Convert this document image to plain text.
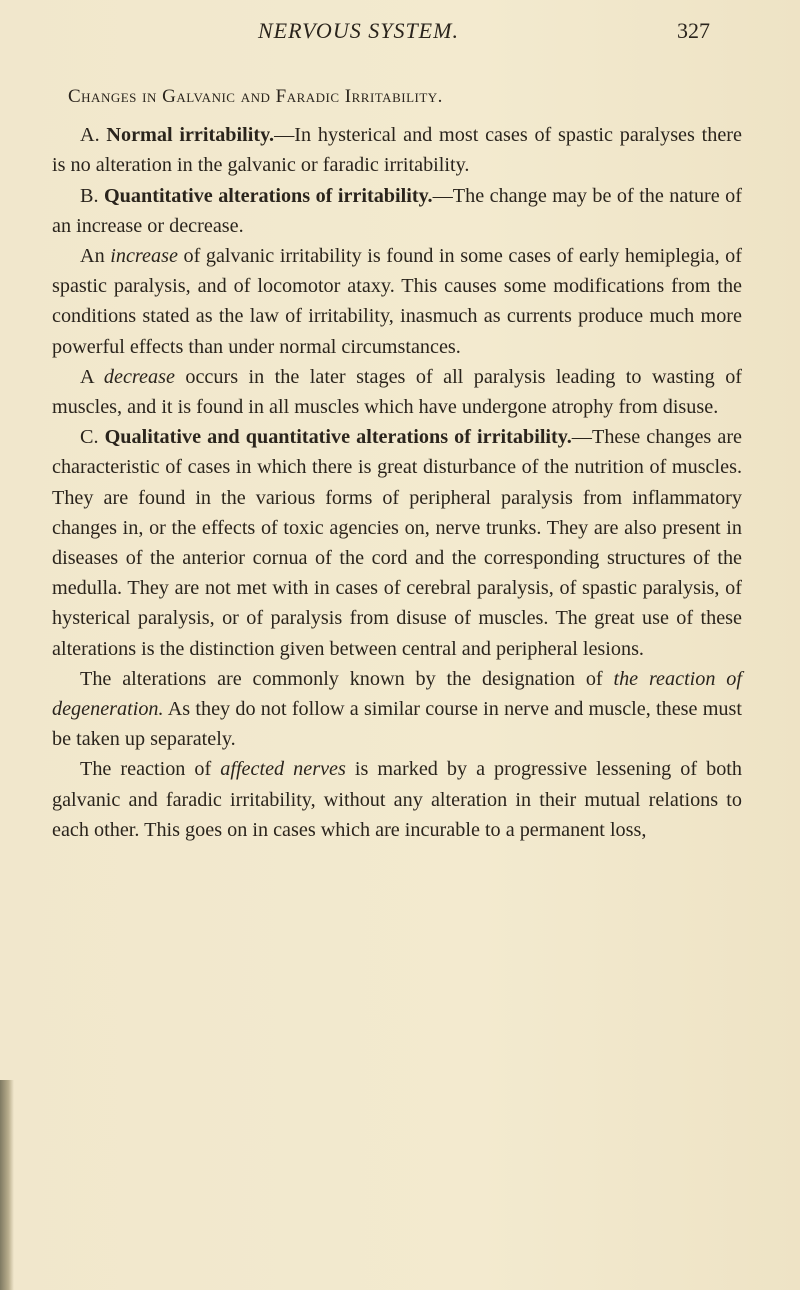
NERVOUS SYSTEM.	327
Changes in Galvanic and Faradic Irritability.

A. Normal irritability.—In hysterical and most cases of spastic paralyses there is no alteration in the galvanic or faradic irritability.

B. Quantitative alterations of irritability.—The change may be of the nature of an increase or decrease.

An increase of galvanic irritability is found in some cases of early hemiplegia, of spastic paralysis, and of locomotor ataxy. This causes some modifications from the conditions stated as the law of irritability, inasmuch as currents produce much more powerful effects than under normal circumstances.

A decrease occurs in the later stages of all paralysis leading to wasting of muscles, and it is found in all muscles which have undergone atrophy from disuse.

C. Qualitative and quantitative alterations of irritability.—These changes are characteristic of cases in which there is great disturbance of the nutrition of muscles. They are found in the various forms of peripheral paralysis from inflammatory changes in, or the effects of toxic agencies on, nerve trunks. They are also present in diseases of the anterior cornua of the cord and the corresponding structures of the medulla. They are not met with in cases of cerebral paralysis, of spastic paralysis, of hysterical paralysis, or of paralysis from disuse of muscles. The great use of these alterations is the distinction given between central and peripheral lesions.

The alterations are commonly known by the designation of the reaction of degeneration. As they do not follow a similar course in nerve and muscle, these must be taken up separately.

The reaction of affected nerves is marked by a progressive lessening of both galvanic and faradic irritability, without any alteration in their mutual relations to each other. This goes on in cases which are incurable to a permanent loss,
